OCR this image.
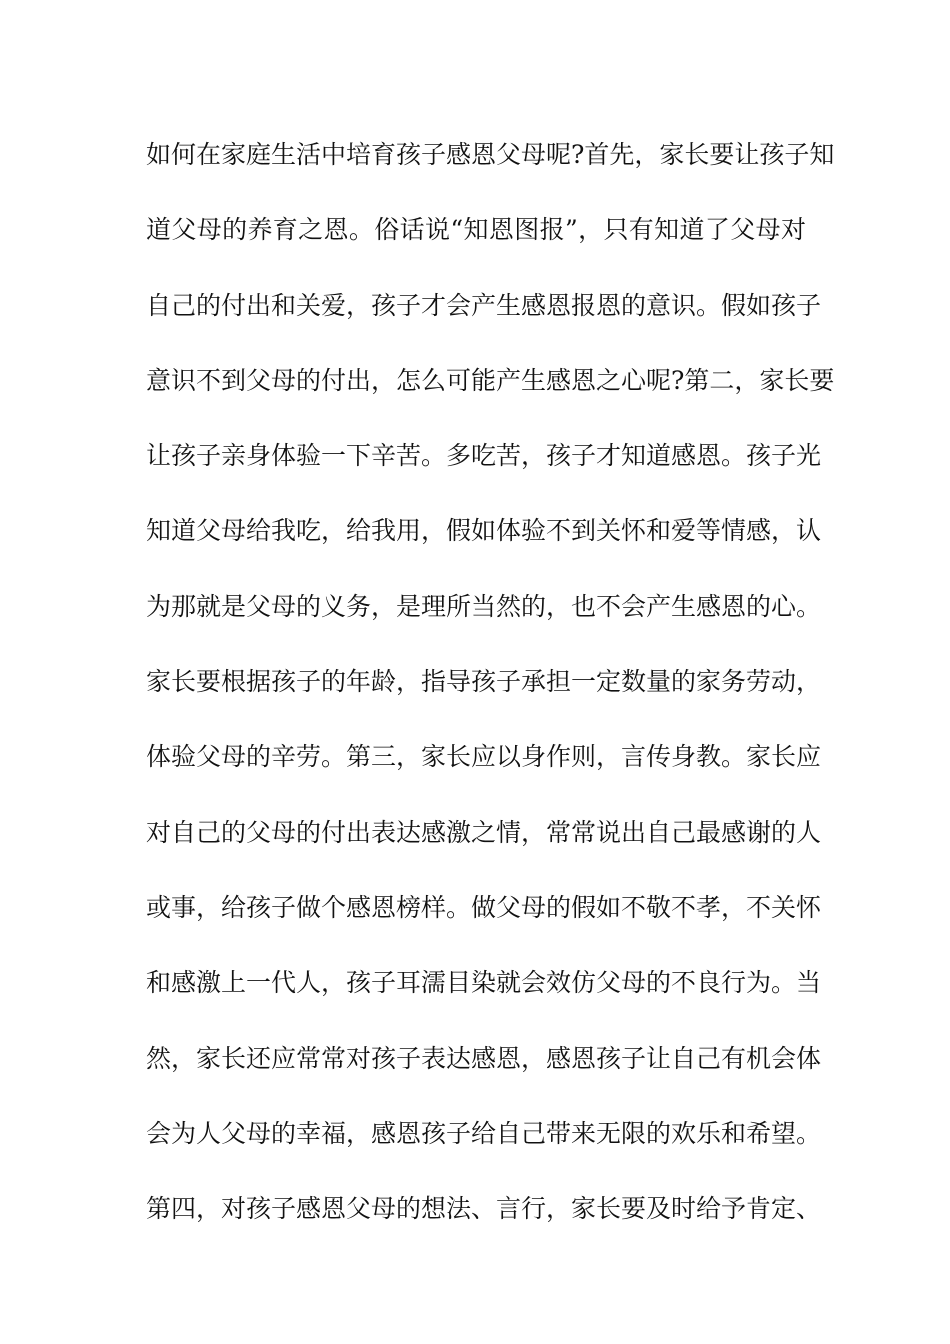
如何在家庭生活中培育孩子感恩父母呢?首先，家长要让孩子知
道父母的养育之恩。俗话说“知恩图报”，只有知道了父母对
自己的付出和关爱，孩子才会产生感恩报恩的意识。假如孩子
意识不到父母的付出，怎么可能产生感恩之心呢?第二，家长要
让孩子亲身体验一下辛苦。多吃苦，孩子才知道感恩。孩子光
知道父母给我吃，给我用，假如体验不到关怀和爱等情感，认
为那就是父母的义务，是理所当然的，也不会产生感恩的心。
家长要根据孩子的年龄，指导孩子承担一定数量的家务劳动，
体验父母的辛劳。第三，家长应以身作则，言传身教。家长应
对自己的父母的付出表达感激之情，常常说出自己最感谢的人
或事，给孩子做个感恩榜样。做父母的假如不敬不孝，不关怀
和感激上一代人，孩子耳濡目染就会效仿父母的不良行为。当
然，家长还应常常对孩子表达感恩，感恩孩子让自己有机会体
会为人父母的幸福，感恩孩子给自己带来无限的欢乐和希望。
第四，对孩子感恩父母的想法、言行，家长要及时给予肯定、
